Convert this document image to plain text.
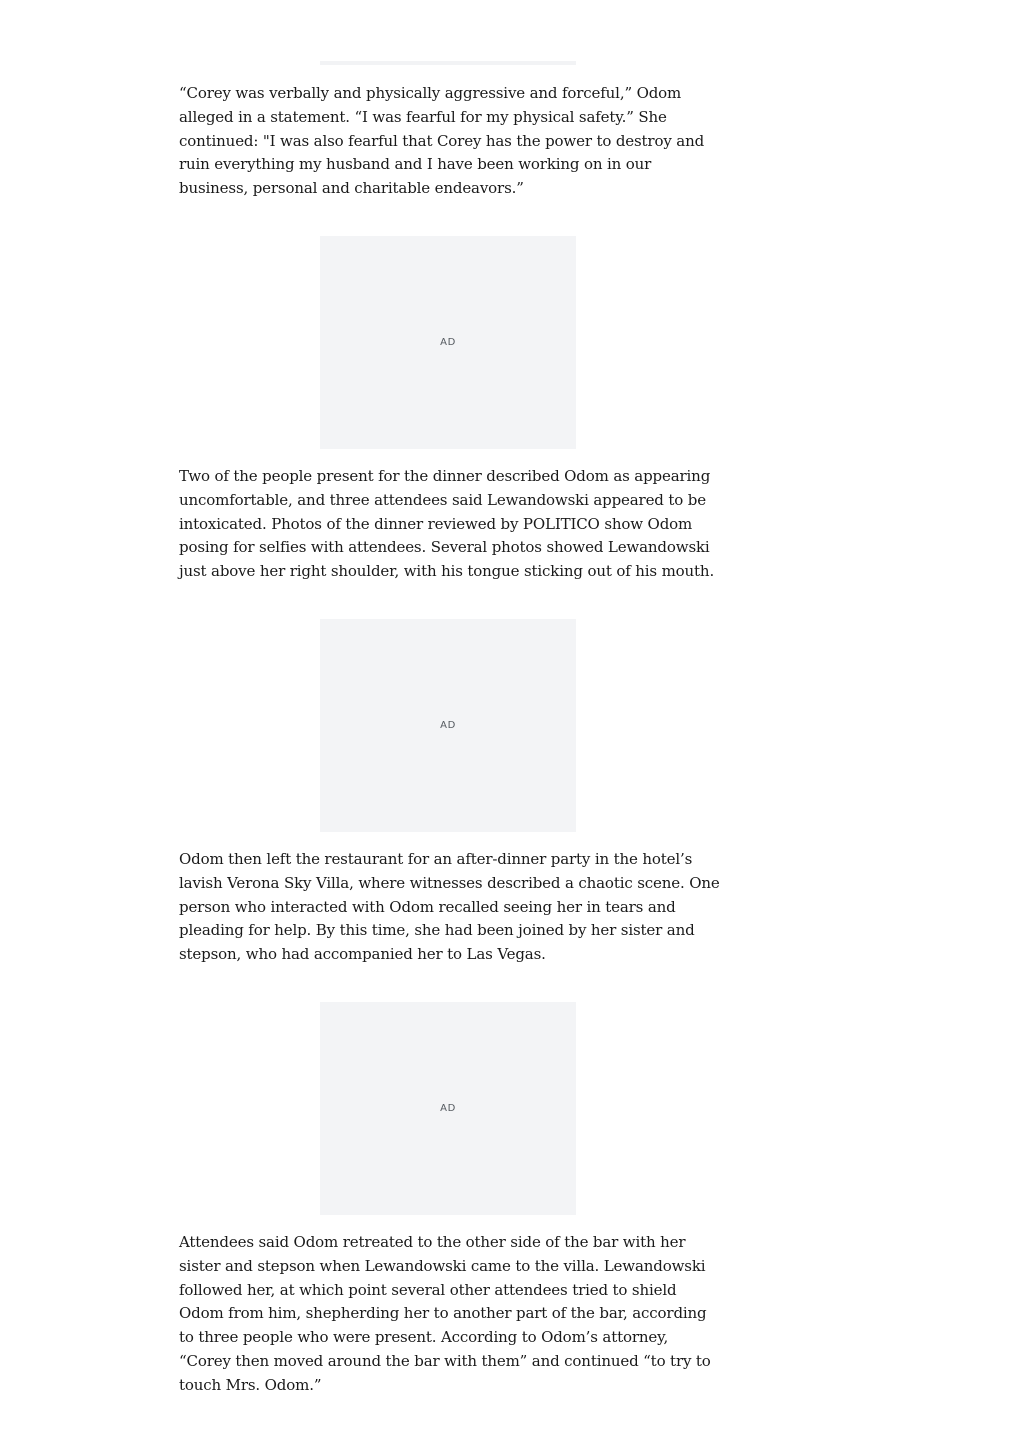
“Corey was verbally and physically aggressive and forceful,” Odom alleged in a statement. “I was fearful for my physical safety.” She continued: "I was also fearful that Corey has the power to destroy and ruin everything my husband and I have been working on in our business, personal and charitable endeavors.”

AD

Two of the people present for the dinner described Odom as appearing uncomfortable, and three attendees said Lewandowski appeared to be intoxicated. Photos of the dinner reviewed by POLITICO show Odom posing for selfies with attendees. Several photos showed Lewandowski just above her right shoulder, with his tongue sticking out of his mouth.

AD

Odom then left the restaurant for an after-dinner party in the hotel’s lavish Verona Sky Villa, where witnesses described a chaotic scene. One person who interacted with Odom recalled seeing her in tears and pleading for help. By this time, she had been joined by her sister and stepson, who had accompanied her to Las Vegas.

AD

Attendees said Odom retreated to the other side of the bar with her sister and stepson when Lewandowski came to the villa. Lewandowski followed her, at which point several other attendees tried to shield Odom from him, shepherding her to another part of the bar, according to three people who were present. According to Odom’s attorney, “Corey then moved around the bar with them” and continued “to try to touch Mrs. Odom.”
